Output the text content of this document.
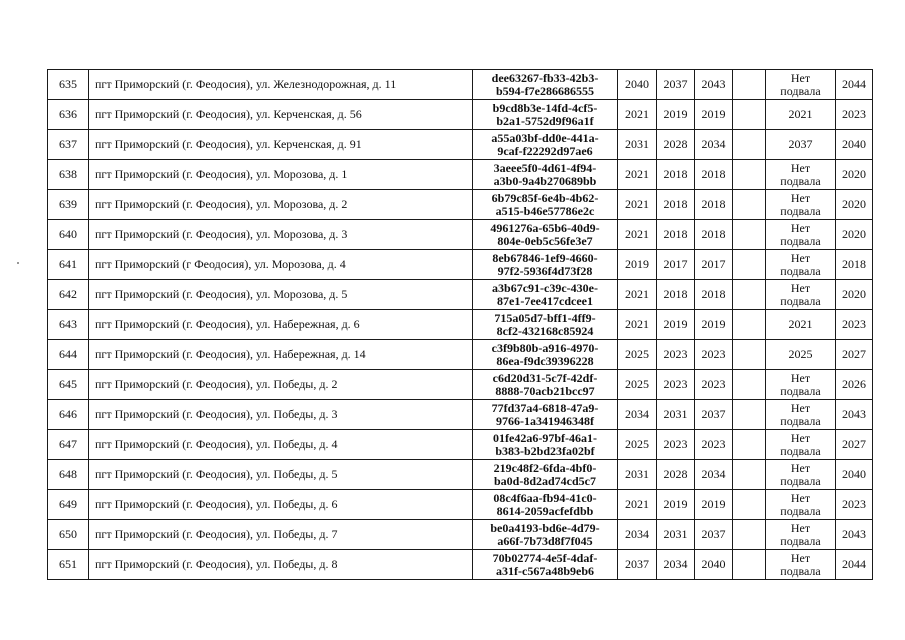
635	пгт Приморский (г. Феодосия), ул. Железнодорожная, д. 11	dee63267-fb33-42b3-
b594-f7e286686555	2040	2037	2043		Нет
подвала	2044
636	пгт Приморский (г. Феодосия), ул. Керченская, д. 56	b9cd8b3e-14fd-4cf5-
b2a1-5752d9f96a1f	2021	2019	2019		2021	2023
637	пгт Приморский (г. Феодосия), ул. Керченская, д. 91	a55a03bf-dd0e-441a-
9caf-f22292d97ae6	2031	2028	2034		2037	2040
638	пгт Приморский (г. Феодосия), ул. Морозова, д. 1	3aeee5f0-4d61-4f94-
a3b0-9a4b270689bb	2021	2018	2018		Нет
подвала	2020
639	пгт Приморский (г. Феодосия), ул. Морозова, д. 2	6b79c85f-6e4b-4b62-
a515-b46e57786e2c	2021	2018	2018		Нет
подвала	2020
640	пгт Приморский (г. Феодосия), ул. Морозова, д. 3	4961276a-65b6-40d9-
804e-0eb5c56fe3e7	2021	2018	2018		Нет
подвала	2020
641	пгт Приморский (г Феодосия), ул. Морозова, д. 4	8eb67846-1ef9-4660-
97f2-5936f4d73f28	2019	2017	2017		Нет
подвала	2018
642	пгт Приморский (г. Феодосия), ул. Морозова, д. 5	a3b67c91-c39c-430e-
87e1-7ee417cdcee1	2021	2018	2018		Нет
подвала	2020
643	пгт Приморский (г. Феодосия), ул. Набережная, д. 6	715a05d7-bff1-4ff9-
8cf2-432168c85924	2021	2019	2019		2021	2023
644	пгт Приморский (г. Феодосия), ул. Набережная, д. 14	c3f9b80b-a916-4970-
86ea-f9dc39396228	2025	2023	2023		2025	2027
645	пгт Приморский (г. Феодосия), ул. Победы, д. 2	c6d20d31-5c7f-42df-
8888-70acb21bcc97	2025	2023	2023		Нет
подвала	2026
646	пгт Приморский (г. Феодосия), ул. Победы, д. 3	77fd37a4-6818-47a9-
9766-1a341946348f	2034	2031	2037		Нет
подвала	2043
647	пгт Приморский (г. Феодосия), ул. Победы, д. 4	01fe42a6-97bf-46a1-
b383-b2bd23fa02bf	2025	2023	2023		Нет
подвала	2027
648	пгт Приморский (г. Феодосия), ул. Победы, д. 5	219c48f2-6fda-4bf0-
ba0d-8d2ad74cd5c7	2031	2028	2034		Нет
подвала	2040
649	пгт Приморский (г. Феодосия), ул. Победы, д. 6	08c4f6aa-fb94-41c0-
8614-2059acfefdbb	2021	2019	2019		Нет
подвала	2023
650	пгт Приморский (г. Феодосия), ул. Победы, д. 7	be0a4193-bd6e-4d79-
a66f-7b73d8f7f045	2034	2031	2037		Нет
подвала	2043
651	пгт Приморский (г. Феодосия), ул. Победы, д. 8	70b02774-4e5f-4daf-
a31f-c567a48b9eb6	2037	2034	2040		Нет
подвала	2044
